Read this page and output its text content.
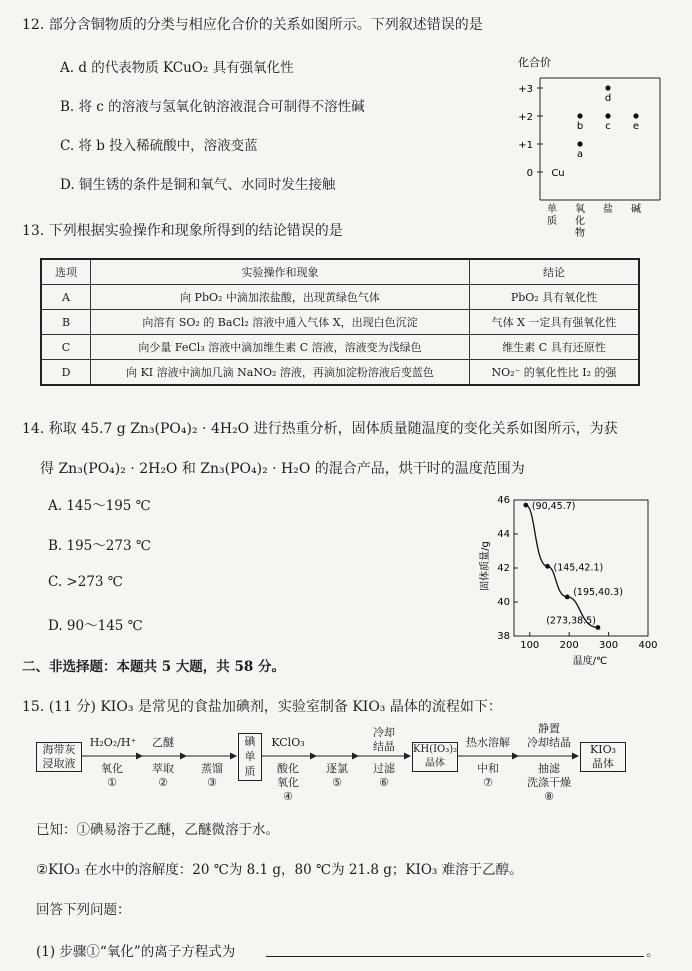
12. 部分含铜物质的分类与相应化合价的关系如图所示。下列叙述错误的是
A. d 的代表物质 KCuO₂ 具有强氧化性
B. 将 c 的溶液与氢氧化钠溶液混合可制得不溶性碱
C. 将 b 投入稀硫酸中，溶液变蓝
D. 铜生锈的条件是铜和氧气、水同时发生接触
化合价
+3
+2
+1
0 Cu
a
b c
d
e
单质
氧化物
盐 碱
13. 下列根据实验操作和现象所得到的结论错误的是
选项	实验操作和现象	结论
A	向 PbO₂ 中滴加浓盐酸，出现黄绿色气体	PbO₂ 具有氧化性
B	向溶有 SO₂ 的 BaCl₂ 溶液中通入气体 X，出现白色沉淀	气体 X 一定具有强氧化性
C	向少量 FeCl₃ 溶液中滴加维生素 C 溶液，溶液变为浅绿色	维生素 C 具有还原性
D	向 KI 溶液中滴加几滴 NaNO₂ 溶液，再滴加淀粉溶液后变蓝色	NO₂⁻ 的氧化性比 I₂ 的强
14. 称取 45.7 g Zn₃(PO₄)₂ · 4H₂O 进行热重分析，固体质量随温度的变化关系如图所示，为获
得 Zn₃(PO₄)₂ · 2H₂O 和 Zn₃(PO₄)₂ · H₂O 的混合产品，烘干时的温度范围为
A. 145～195 ℃
B. 195～273 ℃
C. >273 ℃
D. 90～145 ℃
100 200 300 400
38
40
42
44
46
(90,45.7)
(145,42.1)
(195,40.3)
(273,38.5)
温度/℃
固体质量/g
二、非选择题：本题共 5 大题，共 58 分。
15. (11 分) KIO₃ 是常见的食盐加碘剂，实验室制备 KIO₃ 晶体的流程如下：
海带灰
浸取液
H₂O₂/H⁺
氧化
①
乙醚
萃取
②
蒸馏
③
碘
单
质
KClO₃
酸化
氧化
④
逐氯
⑤
冷却
结晶
过滤
⑥
KH(IO₃)₂
晶体
热水溶解
中和
⑦
静置
冷却结晶
抽滤
洗涤干燥
⑧
KIO₃
晶体
已知：①碘易溶于乙醚，乙醚微溶于水。
②KIO₃ 在水中的溶解度：20 ℃为 8.1 g，80 ℃为 21.8 g；KIO₃ 难溶于乙醇。
回答下列问题：
(1) 步骤①“氧化”的离子方程式为	。
